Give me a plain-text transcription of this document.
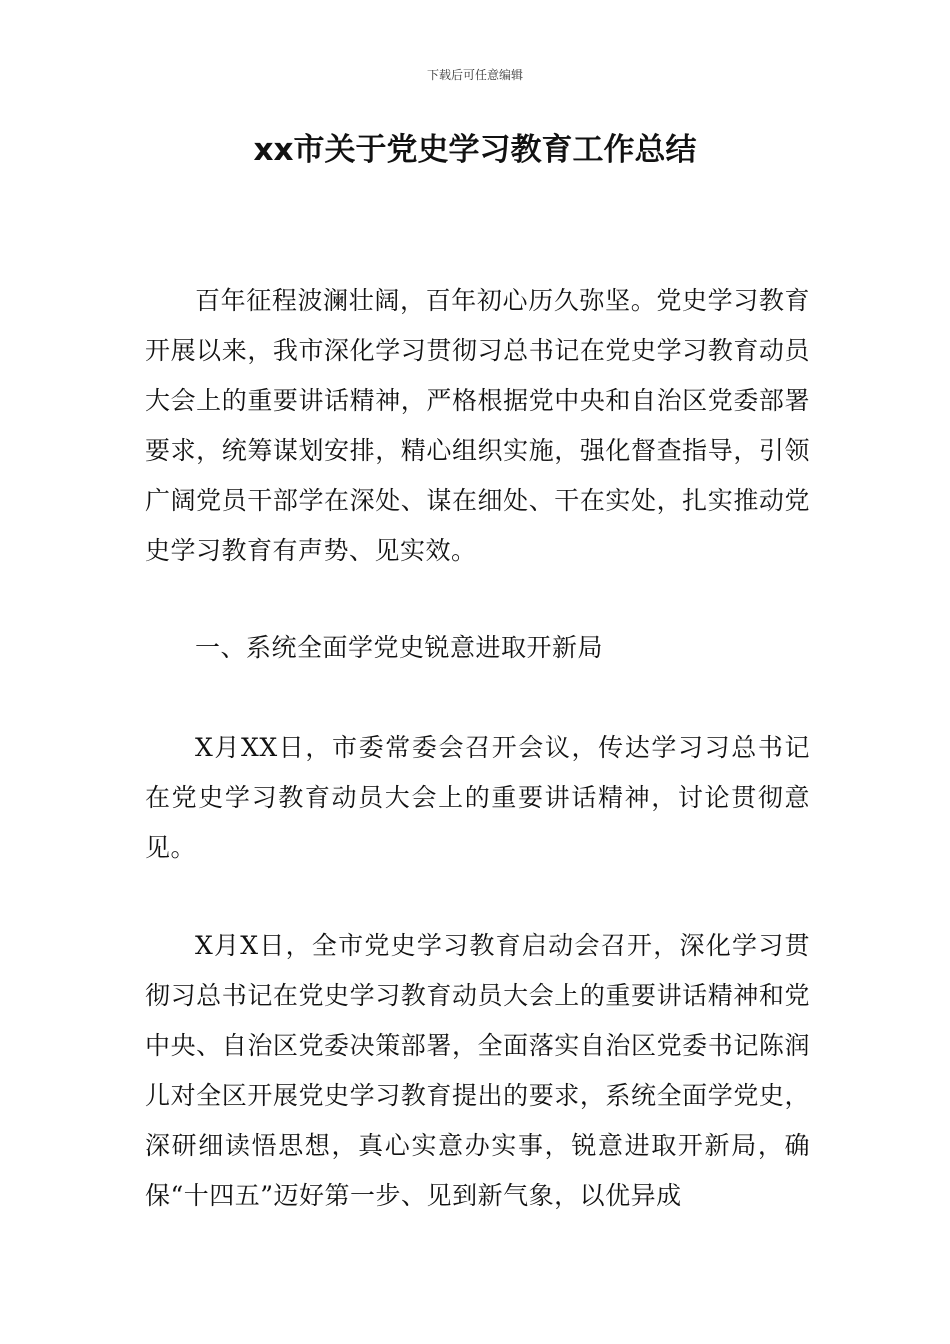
下载后可任意编辑
xx市关于党史学习教育工作总结

百年征程波澜壮阔，百年初心历久弥坚。党史学习教育开展以来，我市深化学习贯彻习总书记在党史学习教育动员大会上的重要讲话精神，严格根据党中央和自治区党委部署要求，统筹谋划安排，精心组织实施，强化督查指导，引领广阔党员干部学在深处、谋在细处、干在实处，扎实推动党史学习教育有声势、见实效。

一、系统全面学党史锐意进取开新局

X月XX日，市委常委会召开会议，传达学习习总书记在党史学习教育动员大会上的重要讲话精神，讨论贯彻意见。

X月X日，全市党史学习教育启动会召开，深化学习贯彻习总书记在党史学习教育动员大会上的重要讲话精神和党中央、自治区党委决策部署，全面落实自治区党委书记陈润儿对全区开展党史学习教育提出的要求，系统全面学党史，深研细读悟思想，真心实意办实事，锐意进取开新局，确保“十四五”迈好第一步、见到新气象，以优异成
